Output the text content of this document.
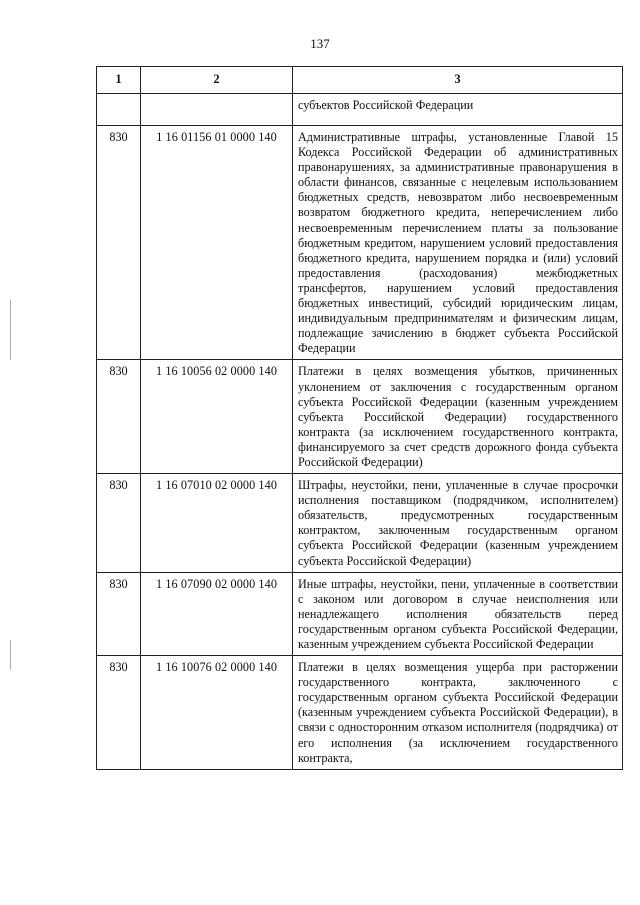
137
1	2	3
		субъектов Российской Федерации
830	1 16 01156 01 0000 140	Административные штрафы, установленные Главой 15 Кодекса Российской Федерации об административных правонарушениях, за административные правонарушения в области финансов, связанные с нецелевым использованием бюджетных средств, невозвратом либо несвоевременным возвратом бюджетного кредита, неперечислением либо несвоевременным перечислением платы за пользование бюджетным кредитом, нарушением условий предоставления бюджетного кредита, нарушением порядка и (или) условий предоставления (расходования) межбюджетных трансфертов, нарушением условий предоставления бюджетных инвестиций, субсидий юридическим лицам, индивидуальным предпринимателям и физическим лицам, подлежащие зачислению в бюджет субъекта Российской Федерации
830	1 16 10056 02 0000 140	Платежи в целях возмещения убытков, причиненных уклонением от заключения с государственным органом субъекта Российской Федерации (казенным учреждением субъекта Российской Федерации) государственного контракта (за исключением государственного контракта, финансируемого за счет средств дорожного фонда субъекта Российской Федерации)
830	1 16 07010 02 0000 140	Штрафы, неустойки, пени, уплаченные в случае просрочки исполнения поставщиком (подрядчиком, исполнителем) обязательств, предусмотренных государственным контрактом, заключенным государственным органом субъекта Российской Федерации (казенным учреждением субъекта Российской Федерации)
830	1 16 07090 02 0000 140	Иные штрафы, неустойки, пени, уплаченные в соответствии с законом или договором в случае неисполнения или ненадлежащего исполнения обязательств перед государственным органом субъекта Российской Федерации, казенным учреждением субъекта Российской Федерации
830	1 16 10076 02 0000 140	Платежи в целях возмещения ущерба при расторжении государственного контракта, заключенного с государственным органом субъекта Российской Федерации (казенным учреждением субъекта Российской Федерации), в связи с односторонним отказом исполнителя (подрядчика) от его исполнения (за исключением государственного контракта,
